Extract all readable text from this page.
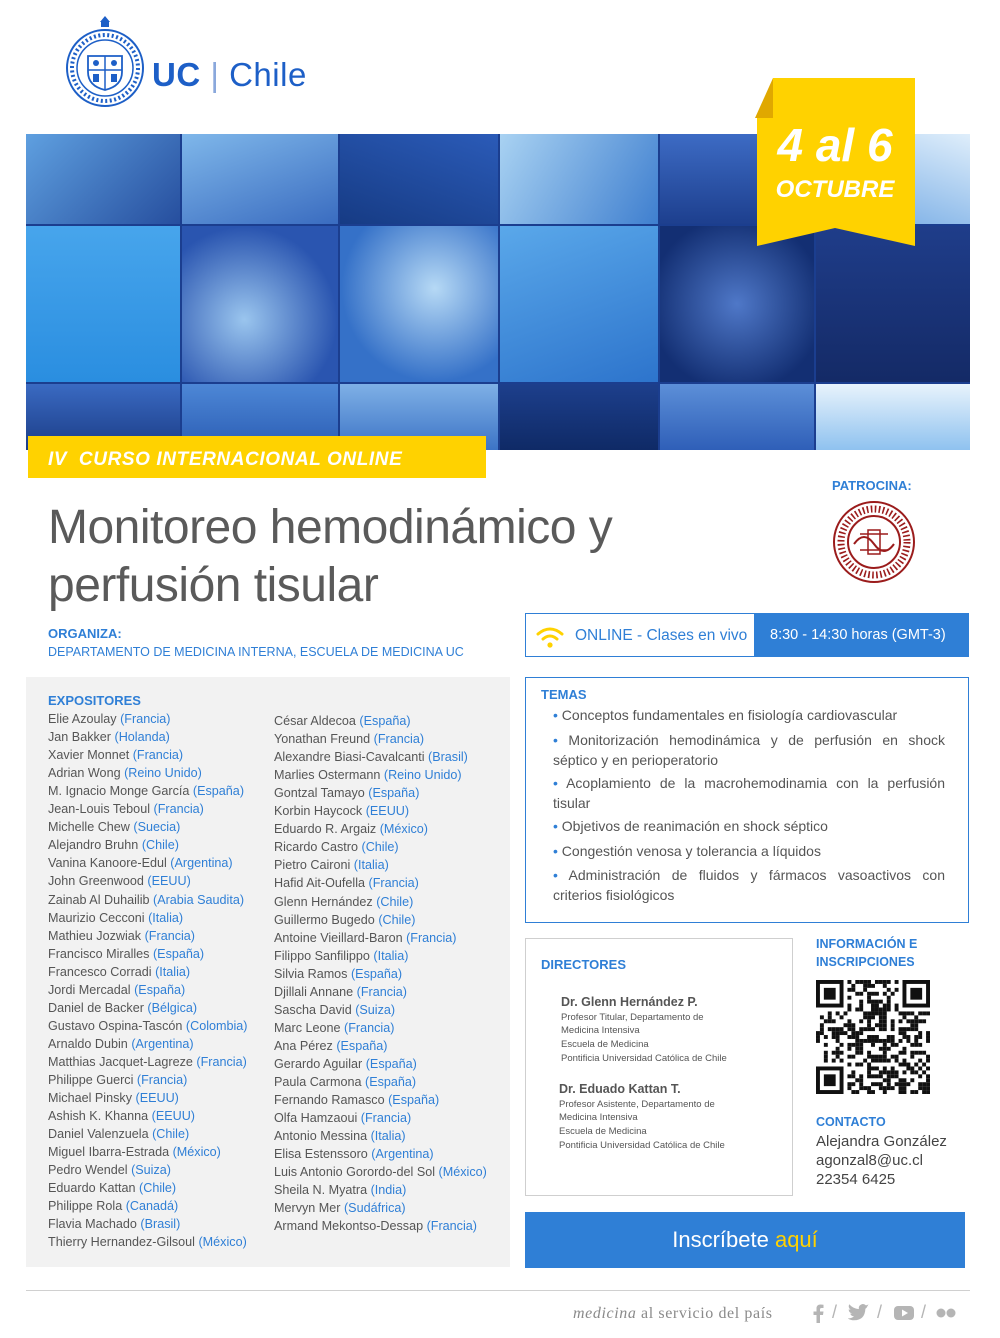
UC | Chile
4 al 6
OCTUBRE
IV CURSO INTERNACIONAL ONLINE
Monitoreo hemodinámico y
perfusión tisular
PATROCINA:
ORGANIZA:
DEPARTAMENTO DE MEDICINA INTERNA, ESCUELA DE MEDICINA UC
ONLINE - Clases en vivo 8:30 - 14:30 horas (GMT-3)
EXPOSITORES
Elie Azoulay (Francia)
Jan Bakker (Holanda)
Xavier Monnet (Francia)
Adrian Wong (Reino Unido)
M. Ignacio Monge García (España)
Jean-Louis Teboul (Francia)
Michelle Chew (Suecia)
Alejandro Bruhn (Chile)
Vanina Kanoore-Edul (Argentina)
John Greenwood (EEUU)
Zainab Al Duhailib (Arabia Saudita)
Maurizio Cecconi (Italia)
Mathieu Jozwiak (Francia)
Francisco Miralles (España)
Francesco Corradi (Italia)
Jordi Mercadal (España)
Daniel de Backer (Bélgica)
Gustavo Ospina-Tascón (Colombia)
Arnaldo Dubin (Argentina)
Matthias Jacquet-Lagreze (Francia)
Philippe Guerci (Francia)
Michael Pinsky (EEUU)
Ashish K. Khanna (EEUU)
Daniel Valenzuela (Chile)
Miguel Ibarra-Estrada (México)
Pedro Wendel (Suiza)
Eduardo Kattan (Chile)
Philippe Rola (Canadá)
Flavia Machado (Brasil)
Thierry Hernandez-Gilsoul (México)
César Aldecoa (España)
Yonathan Freund (Francia)
Alexandre Biasi-Cavalcanti (Brasil)
Marlies Ostermann (Reino Unido)
Gontzal Tamayo (España)
Korbin Haycock (EEUU)
Eduardo R. Argaiz (México)
Ricardo Castro (Chile)
Pietro Caironi (Italia)
Hafid Ait-Oufella (Francia)
Glenn Hernández (Chile)
Guillermo Bugedo (Chile)
Antoine Vieillard-Baron (Francia)
Filippo Sanfilippo (Italia)
Silvia Ramos (España)
Djillali Annane (Francia)
Sascha David (Suiza)
Marc Leone (Francia)
Ana Pérez (España)
Gerardo Aguilar (España)
Paula Carmona (España)
Fernando Ramasco (España)
Olfa Hamzaoui (Francia)
Antonio Messina (Italia)
Elisa Estenssoro (Argentina)
Luis Antonio Gorordo-del Sol (México)
Sheila N. Myatra (India)
Mervyn Mer (Sudáfrica)
Armand Mekontso-Dessap (Francia)
TEMAS
• Conceptos fundamentales en fisiología cardiovascular
• Monitorización hemodinámica y de perfusión en shock séptico y en perioperatorio
• Acoplamiento de la macrohemodinamia con la perfusión tisular
• Objetivos de reanimación en shock séptico
• Congestión venosa y tolerancia a líquidos
• Administración de fluidos y fármacos vasoactivos con criterios fisiológicos
DIRECTORES
Dr. Glenn Hernández P.
Profesor Titular, Departamento de
Medicina Intensiva
Escuela de Medicina
Pontificia Universidad Católica de Chile
Dr. Eduado Kattan T.
Profesor Asistente, Departamento de
Medicina Intensiva
Escuela de Medicina
Pontificia Universidad Católica de Chile
INFORMACIÓN E
INSCRIPCIONES
CONTACTO
Alejandra González
agonzal8@uc.cl
22354 6425
Inscríbete aquí
medicina al servicio del país	/ / /
